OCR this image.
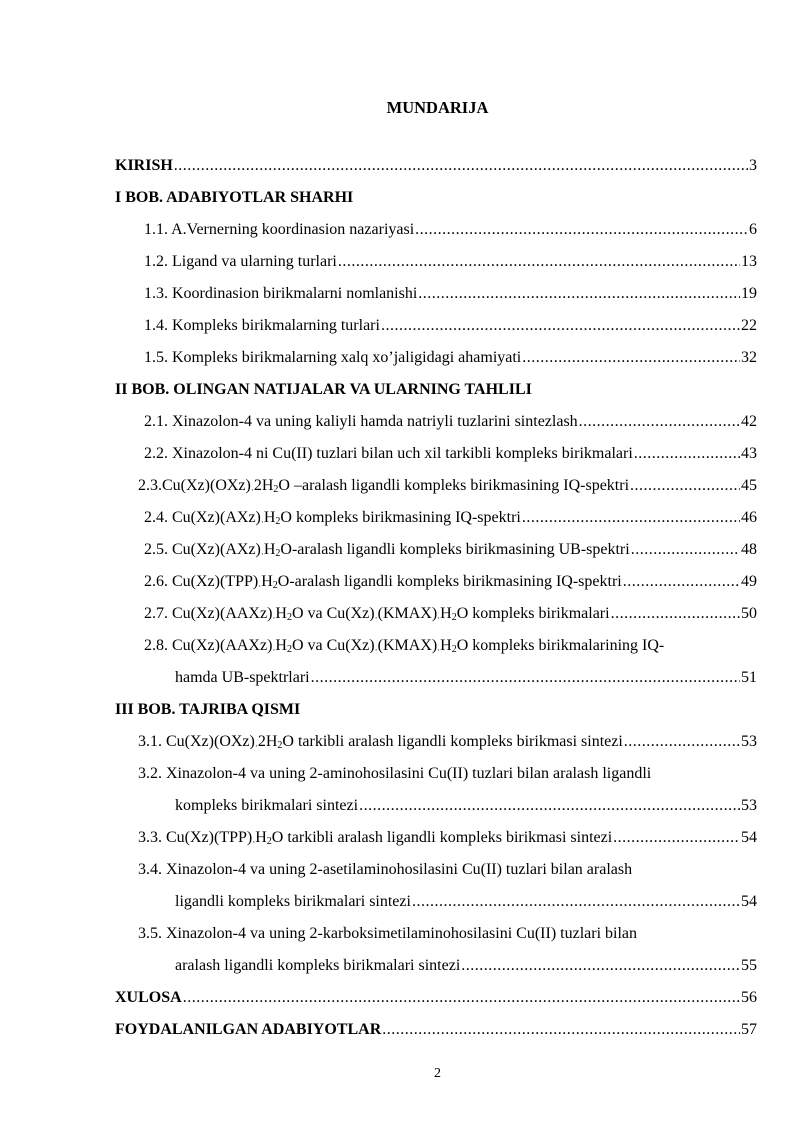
MUNDARIJA
KIRISH .....	3
I BOB. ADABIYOTLAR SHARHI
1.1. A.Vernerning koordinasion nazariyasi .....	6
1.2. Ligand va ularning turlari .....	13
1.3. Koordinasion birikmalarni nomlanishi .....	19
1.4. Kompleks birikmalarning turlari .....	22
1.5. Kompleks birikmalarning xalq xo’jaligidagi ahamiyati .....	32
II BOB. OLINGAN NATIJALAR VA ULARNING TAHLILI
2.1. Xinazolon-4 va uning kaliyli hamda natriyli tuzlarini sintezlash .....	42
2.2. Xinazolon-4 ni Cu(II) tuzlari bilan uch xil tarkibli kompleks birikmalari .....	43
$2.3.Cu(Xz)(OXz)\cdot 2H_2O$ –aralash ligandli kompleks birikmasining IQ-spektri .....	45
2.4. $Cu(Xz)(AXz)\cdot H_2O$ kompleks birikmasining IQ-spektri .....	46
2.5. $Cu(Xz)(AXz)\cdot H_2O$-aralash ligandli kompleks birikmasining UB-spektri .....	48
2.6. $Cu(Xz)(TPP)\cdot H_2O$-aralash ligandli kompleks birikmasining IQ-spektri .....	49
2.7. $Cu(Xz)(AAXz)\cdot H_2O$ va $Cu(Xz)\cdot(KMAX)\cdot H_2O$ kompleks birikmalari .....	50
2.8. $Cu(Xz)(AAXz)\cdot H_2O$ va $Cu(Xz)\cdot(KMAX)\cdot H_2O$ kompleks birikmalarining IQ-
hamda UB-spektrlari .....	51
III BOB. TAJRIBA QISMI
3.1. $Cu(Xz)(OXz)\cdot 2H_2O$ tarkibli aralash ligandli kompleks birikmasi sintezi .....	53
3.2. Xinazolon-4 va uning 2-aminohosilasini Cu(II) tuzlari bilan aralash ligandli
kompleks birikmalari sintezi .....	53
3.3. $Cu(Xz)(TPP)\cdot H_2O$ tarkibli aralash ligandli kompleks birikmasi sintezi .....	54
3.4. Xinazolon-4 va uning 2-asetilaminohosilasini Cu(II) tuzlari bilan aralash
ligandli kompleks birikmalari sintezi .....	54
3.5. Xinazolon-4 va uning 2-karboksimetilaminohosilasini Cu(II) tuzlari bilan
aralash ligandli kompleks birikmalari sintezi .....	55
XULOSA .....	56
FOYDALANILGAN ADABIYOTLAR .....	57
2
